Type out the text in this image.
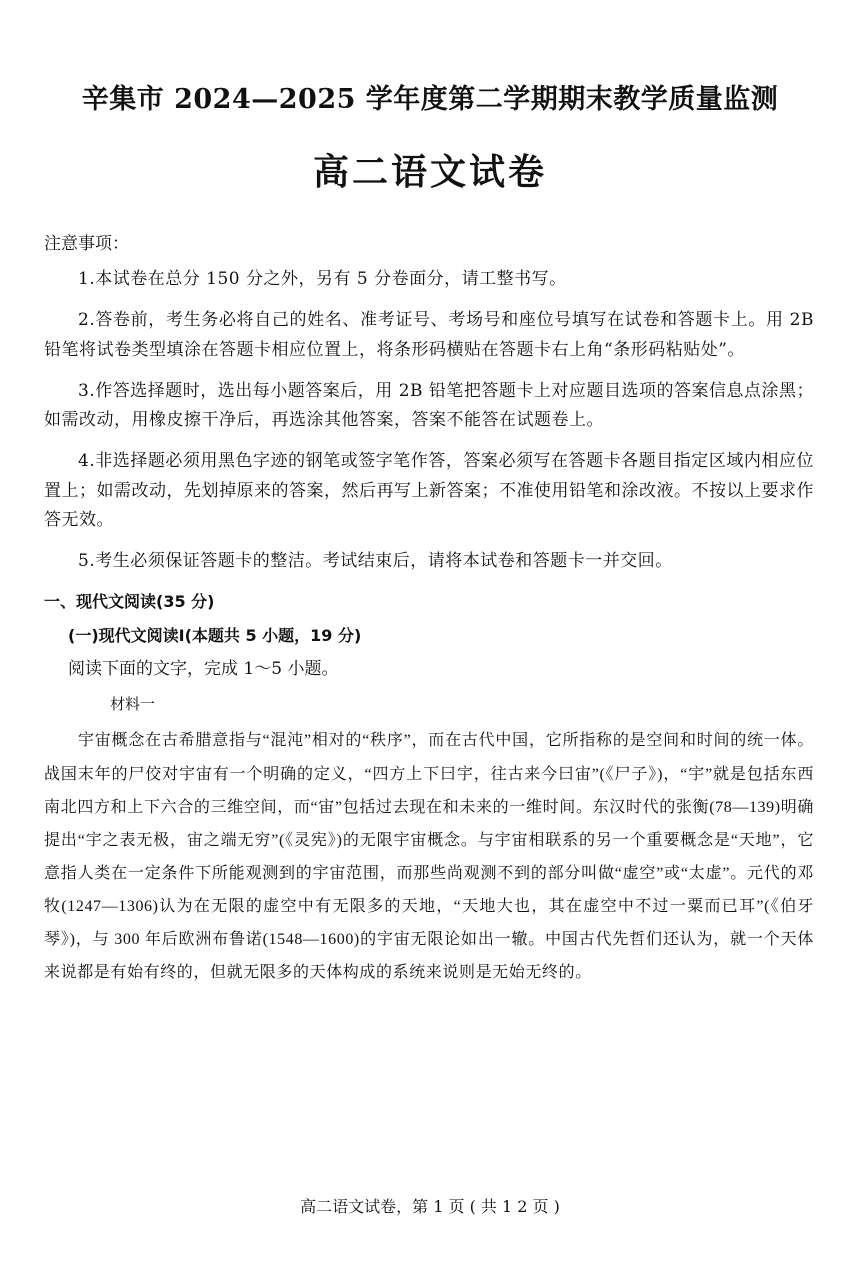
辛集市 2024—2025 学年度第二学期期末教学质量监测
高二语文试卷

注意事项：

1.本试卷在总分 150 分之外，另有 5 分卷面分，请工整书写。
2.答卷前，考生务必将自己的姓名、准考证号、考场号和座位号填写在试卷和答题卡上。用 2B 铅笔将试卷类型填涂在答题卡相应位置上，将条形码横贴在答题卡右上角“条形码粘贴处”。
3.作答选择题时，选出每小题答案后，用 2B 铅笔把答题卡上对应题目选项的答案信息点涂黑；如需改动，用橡皮擦干净后，再选涂其他答案，答案不能答在试题卷上。
4.非选择题必须用黑色字迹的钢笔或签字笔作答，答案必须写在答题卡各题目指定区域内相应位置上；如需改动，先划掉原来的答案，然后再写上新答案；不准使用铅笔和涂改液。不按以上要求作答无效。
5.考生必须保证答题卡的整洁。考试结束后，请将本试卷和答题卡一并交回。

一、现代文阅读(35 分)

(一)现代文阅读Ⅰ(本题共 5 小题，19 分)

阅读下面的文字，完成 1～5 小题。

材料一

宇宙概念在古希腊意指与“混沌”相对的“秩序”，而在古代中国，它所指称的是空间和时间的统一体。战国末年的尸佼对宇宙有一个明确的定义，“四方上下曰宇，往古来今曰宙”(《尸子》)，“宇”就是包括东西南北四方和上下六合的三维空间，而“宙”包括过去现在和未来的一维时间。东汉时代的张衡(78—139)明确提出“宇之表无极，宙之端无穷”(《灵宪》)的无限宇宙概念。与宇宙相联系的另一个重要概念是“天地”，它意指人类在一定条件下所能观测到的宇宙范围，而那些尚观测不到的部分叫做“虚空”或“太虚”。元代的邓牧(1247—1306)认为在无限的虚空中有无限多的天地，“天地大也，其在虚空中不过一粟而已耳”(《伯牙琴》)，与 300 年后欧洲布鲁诺(1548—1600)的宇宙无限论如出一辙。中国古代先哲们还认为，就一个天体来说都是有始有终的，但就无限多的天体构成的系统来说则是无始无终的。

高二语文试卷，第 1 页 ( 共 1 2 页 )
